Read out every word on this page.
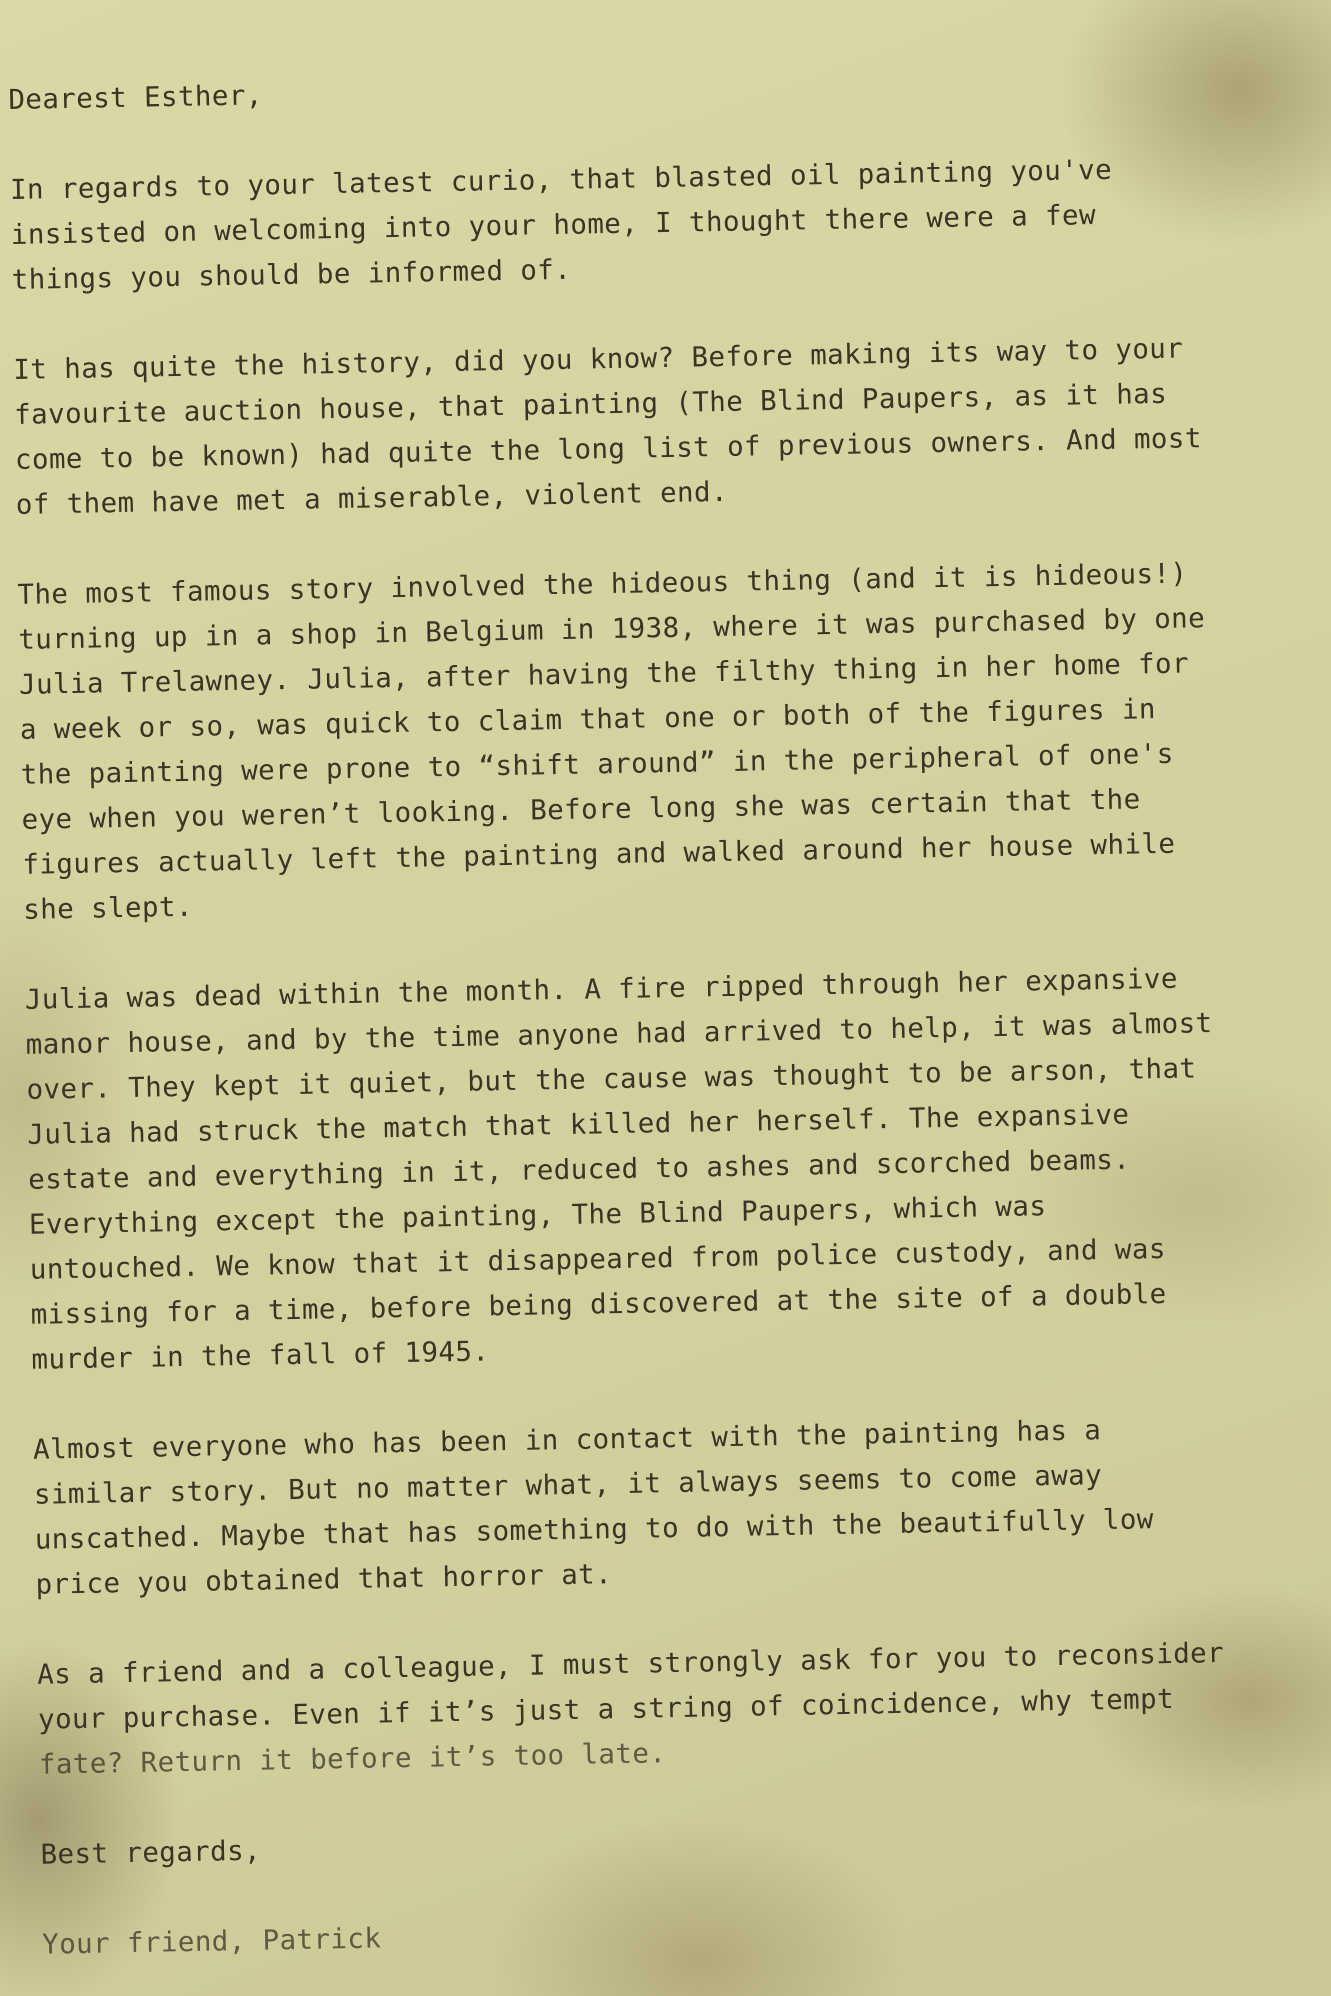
Dearest Esther,
In regards to your latest curio, that blasted oil painting you've
insisted on welcoming into your home, I thought there were a few
things you should be informed of.
It has quite the history, did you know? Before making its way to your
favourite auction house, that painting (The Blind Paupers, as it has
come to be known) had quite the long list of previous owners. And most
of them have met a miserable, violent end.
The most famous story involved the hideous thing (and it is hideous!)
turning up in a shop in Belgium in 1938, where it was purchased by one
Julia Trelawney. Julia, after having the filthy thing in her home for
a week or so, was quick to claim that one or both of the figures in
the painting were prone to “shift around” in the peripheral of one's
eye when you weren’t looking. Before long she was certain that the
figures actually left the painting and walked around her house while
she slept.
Julia was dead within the month. A fire ripped through her expansive
manor house, and by the time anyone had arrived to help, it was almost
over. They kept it quiet, but the cause was thought to be arson, that
Julia had struck the match that killed her herself. The expansive
estate and everything in it, reduced to ashes and scorched beams.
Everything except the painting, The Blind Paupers, which was
untouched. We know that it disappeared from police custody, and was
missing for a time, before being discovered at the site of a double
murder in the fall of 1945.
Almost everyone who has been in contact with the painting has a
similar story. But no matter what, it always seems to come away
unscathed. Maybe that has something to do with the beautifully low
price you obtained that horror at.
As a friend and a colleague, I must strongly ask for you to reconsider
your purchase. Even if it’s just a string of coincidence, why tempt
fate? Return it before it’s too late.
Best regards,
Your friend, Patrick
